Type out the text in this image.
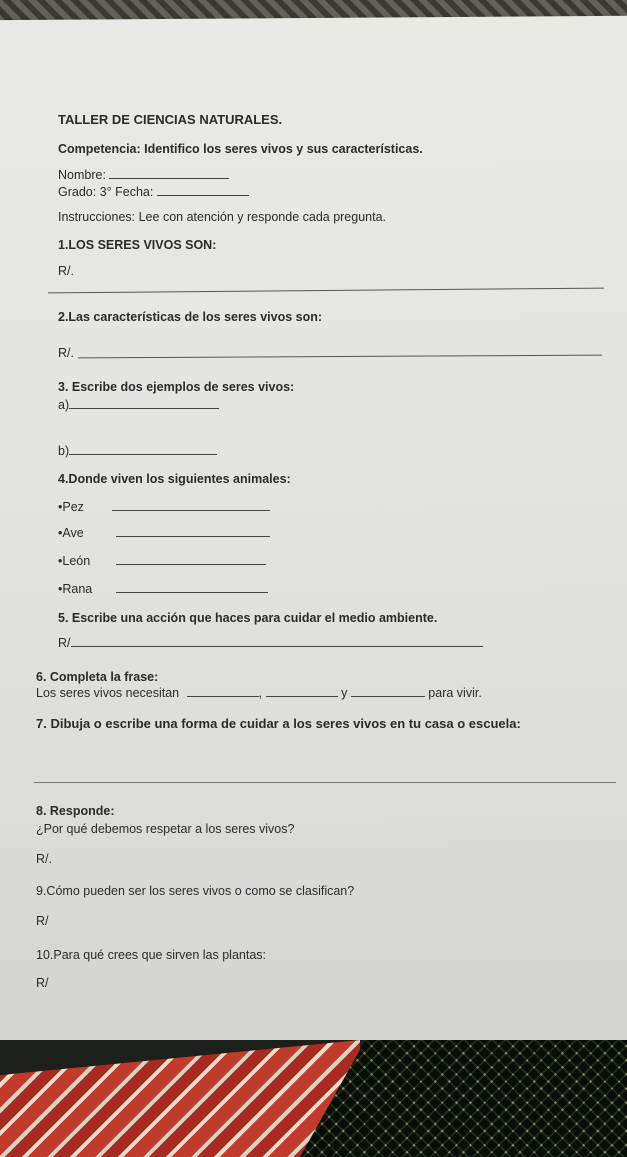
TALLER DE CIENCIAS NATURALES.
Competencia: Identifico los seres vivos y sus características.
Nombre:
Grado: 3° Fecha:
Instrucciones: Lee con atención y responde cada pregunta.
1.LOS SERES VIVOS SON:
R/.
2.Las características de los seres vivos son:
R/.
3. Escribe dos ejemplos de seres vivos:
a)
b)
4.Donde viven los siguientes animales:
•Pez
•Ave
•León
•Rana
5. Escribe una acción que haces para cuidar el medio ambiente.
R/
6. Completa la frase:
Los seres vivos necesitan	,	y	para vivir.
7. Dibuja o escribe una forma de cuidar a los seres vivos en tu casa o escuela:
8. Responde:
¿Por qué debemos respetar a los seres vivos?
R/.
9.Cómo pueden ser los seres vivos o como se clasifican?
R/
10.Para qué crees que sirven las plantas:
R/
